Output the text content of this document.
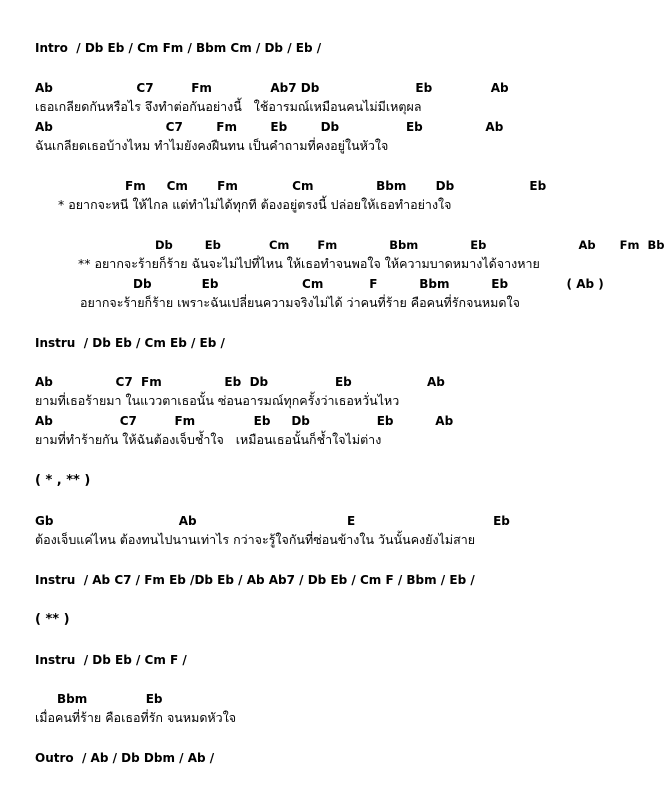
Intro  / Db Eb / Cm Fm / Bbm Cm / Db / Eb /

Ab                    C7         Fm              Ab7 Db                       Eb              Ab

เธอเกลียดกันหรือไร จึงทำต่อกันอย่างนี้   ใช้อารมณ์เหมือนคนไม่มีเหตุผล

Ab                           C7        Fm        Eb        Db                Eb               Ab

ฉันเกลียดเธอบ้างไหม ทำไมยังคงฝืนทน เป็นคำถามที่คงอยู่ในหัวใจ

Fm     Cm       Fm             Cm               Bbm       Db                  Eb

* อยากจะหนี ให้ไกล แต่ทำไม่ได้ทุกที ต้องอยู่ตรงนี้ ปล่อยให้เธอทำอย่างใจ

Db        Eb            Cm       Fm             Bbm             Eb                       Ab      Fm  Bb

** อยากจะร้ายก็ร้าย ฉันจะไม่ไปที่ไหน ให้เธอทำจนพอใจ ให้ความบาดหมางได้จางหาย

Db            Eb                    Cm           F          Bbm          Eb              ( Ab )

อยากจะร้ายก็ร้าย เพราะฉันเปลี่ยนความจริงไม่ได้ ว่าคนที่ร้าย คือคนที่รักจนหมดใจ

Instru  / Db Eb / Cm Eb / Eb /

Ab               C7  Fm               Eb  Db                Eb                  Ab

ยามที่เธอร้ายมา ในแววตาเธอนั้น ซ่อนอารมณ์ทุกครั้งว่าเธอหวั่นไหว

Ab                C7         Fm              Eb     Db                Eb          Ab

ยามที่ทำร้ายกัน ให้ฉันต้องเจ็บช้ำใจ   เหมือนเธอนั้นก็ช้ำใจไม่ต่าง

( * , ** )

Gb                              Ab                                    E                                 Eb

ต้องเจ็บแค่ไหน ต้องทนไปนานเท่าไร กว่าจะรู้ใจกันที่ซ่อนข้างใน วันนั้นคงยังไม่สาย

Instru  / Ab C7 / Fm Eb /Db Eb / Ab Ab7 / Db Eb / Cm F / Bbm / Eb /

( ** )

Instru  / Db Eb / Cm F /

Bbm              Eb

เมื่อคนที่ร้าย คือเธอที่รัก จนหมดหัวใจ

Outro  / Ab / Db Dbm / Ab /
